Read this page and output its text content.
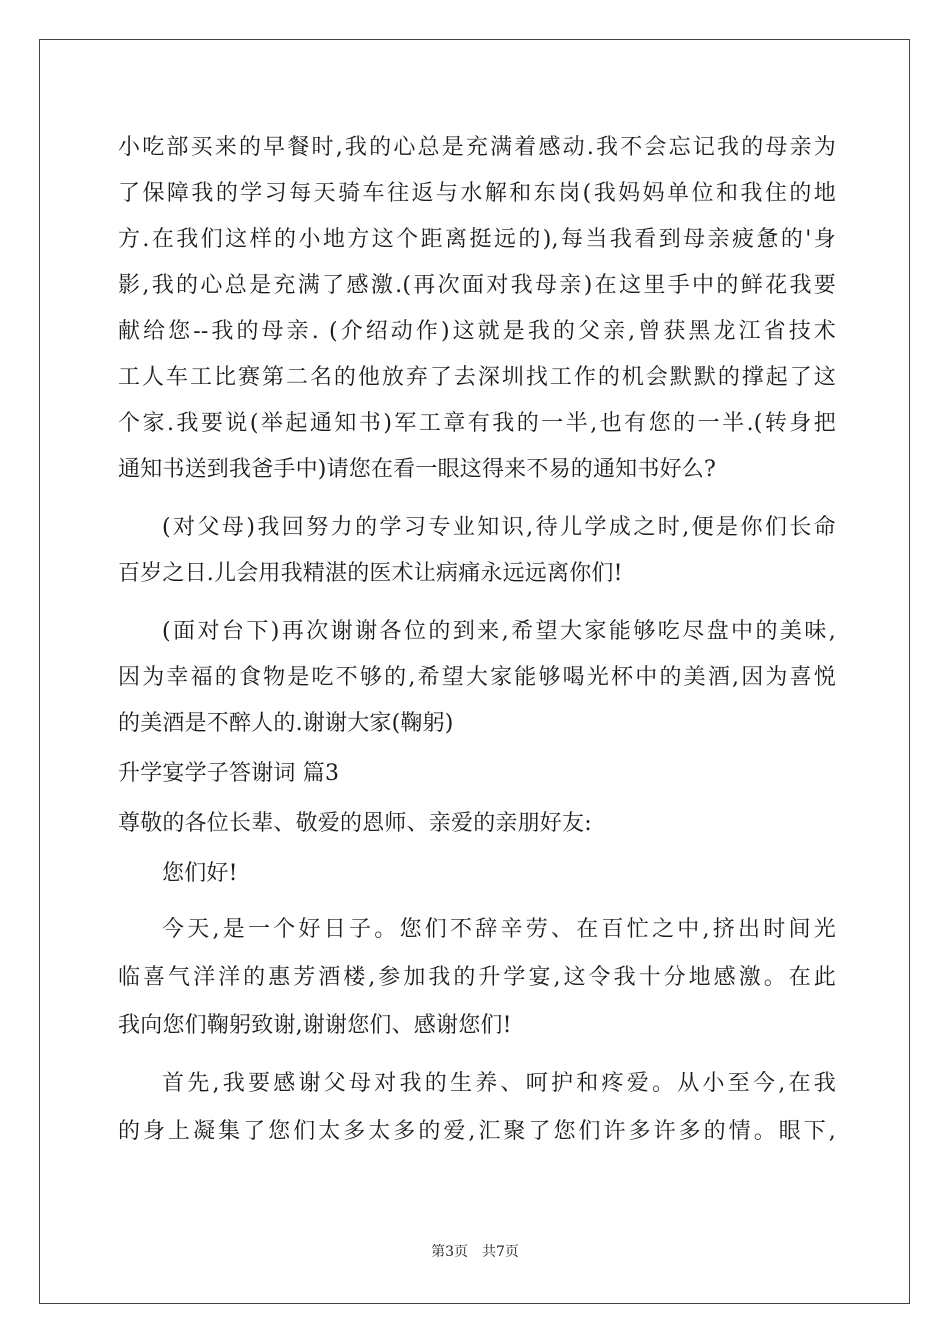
小吃部买来的早餐时,我的心总是充满着感动.我不会忘记我的母亲为
了保障我的学习每天骑车往返与水解和东岗(我妈妈单位和我住的地
方.在我们这样的小地方这个距离挺远的),每当我看到母亲疲惫的'身
影,我的心总是充满了感激.(再次面对我母亲)在这里手中的鲜花我要
献给您--我的母亲. (介绍动作)这就是我的父亲,曾获黑龙江省技术
工人车工比赛第二名的他放弃了去深圳找工作的机会默默的撑起了这
个家.我要说(举起通知书)军工章有我的一半,也有您的一半.(转身把
通知书送到我爸手中)请您在看一眼这得来不易的通知书好么?
(对父母)我回努力的学习专业知识,待儿学成之时,便是你们长命
百岁之日.儿会用我精湛的医术让病痛永远远离你们!
(面对台下)再次谢谢各位的到来,希望大家能够吃尽盘中的美味,
因为幸福的食物是吃不够的,希望大家能够喝光杯中的美酒,因为喜悦
的美酒是不醉人的.谢谢大家(鞠躬)
升学宴学子答谢词 篇3
尊敬的各位长辈、敬爱的恩师、亲爱的亲朋好友:
您们好!
今天,是一个好日子。您们不辞辛劳、在百忙之中,挤出时间光
临喜气洋洋的惠芳酒楼,参加我的升学宴,这令我十分地感激。在此
我向您们鞠躬致谢,谢谢您们、感谢您们!
首先,我要感谢父母对我的生养、呵护和疼爱。从小至今,在我
的身上凝集了您们太多太多的爱,汇聚了您们许多许多的情。眼下,
第3页 共7页
